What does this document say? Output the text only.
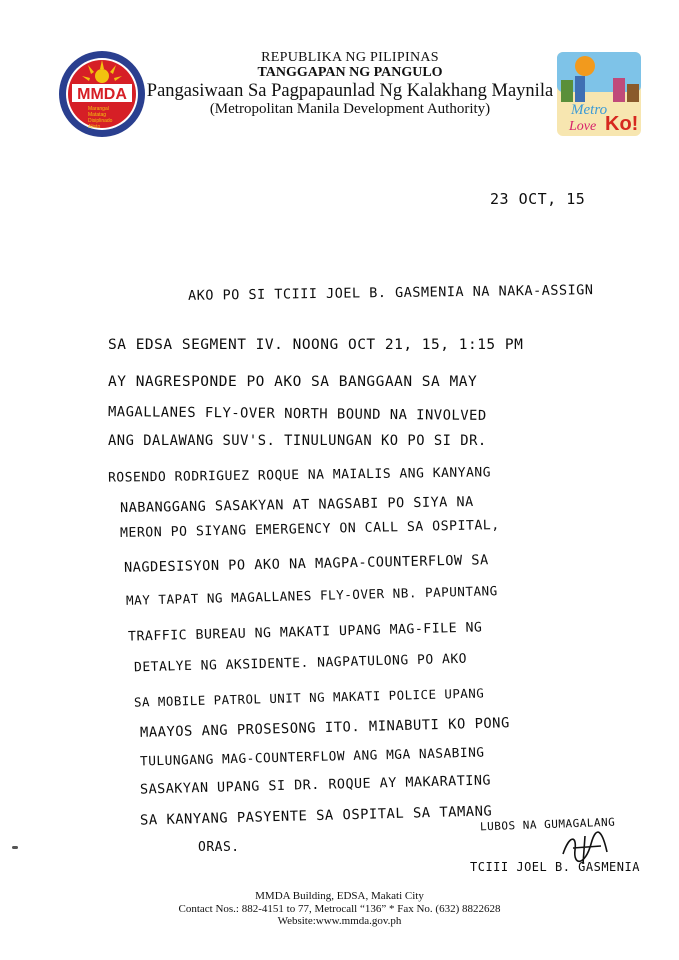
MMDA
Marangal
Matatag
Disiplinado
Alisto
REPUBLIKA NG PILIPINAS
TANGGAPAN NG PANGULO
Pangasiwaan Sa Pagpapaunlad Ng Kalakhang Maynila
(Metropolitan Manila Development Authority)	Metro
Love Ko!
23 OCT, 15
AKO PO SI TCIII JOEL B. GASMENIA NA NAKA-ASSIGN
SA EDSA SEGMENT IV. NOONG OCT 21, 15, 1:15 PM
AY NAGRESPONDE PO AKO SA BANGGAAN SA MAY
MAGALLANES FLY-OVER NORTH BOUND NA INVOLVED
ANG DALAWANG SUV'S. TINULUNGAN KO PO SI DR.
ROSENDO RODRIGUEZ ROQUE NA MAIALIS ANG KANYANG
NABANGGANG SASAKYAN AT NAGSABI PO SIYA NA
MERON PO SIYANG EMERGENCY ON CALL SA OSPITAL,
NAGDESISYON PO AKO NA MAGPA-COUNTERFLOW SA
MAY TAPAT NG MAGALLANES FLY-OVER NB. PAPUNTANG
TRAFFIC BUREAU NG MAKATI UPANG MAG-FILE NG
DETALYE NG AKSIDENTE. NAGPATULONG PO AKO
SA MOBILE PATROL UNIT NG MAKATI POLICE UPANG
MAAYOS ANG PROSESONG ITO. MINABUTI KO PONG
TULUNGANG MAG-COUNTERFLOW ANG MGA NASABING
SASAKYAN UPANG SI DR. ROQUE AY MAKARATING
SA KANYANG PASYENTE SA OSPITAL SA TAMANG
ORAS.
LUBOS NA GUMAGALANG
TCIII JOEL B. GASMENIA
MMDA Building, EDSA, Makati City
Contact Nos.: 882-4151 to 77, Metrocall “136” * Fax No. (632) 8822628
Website:www.mmda.gov.ph
